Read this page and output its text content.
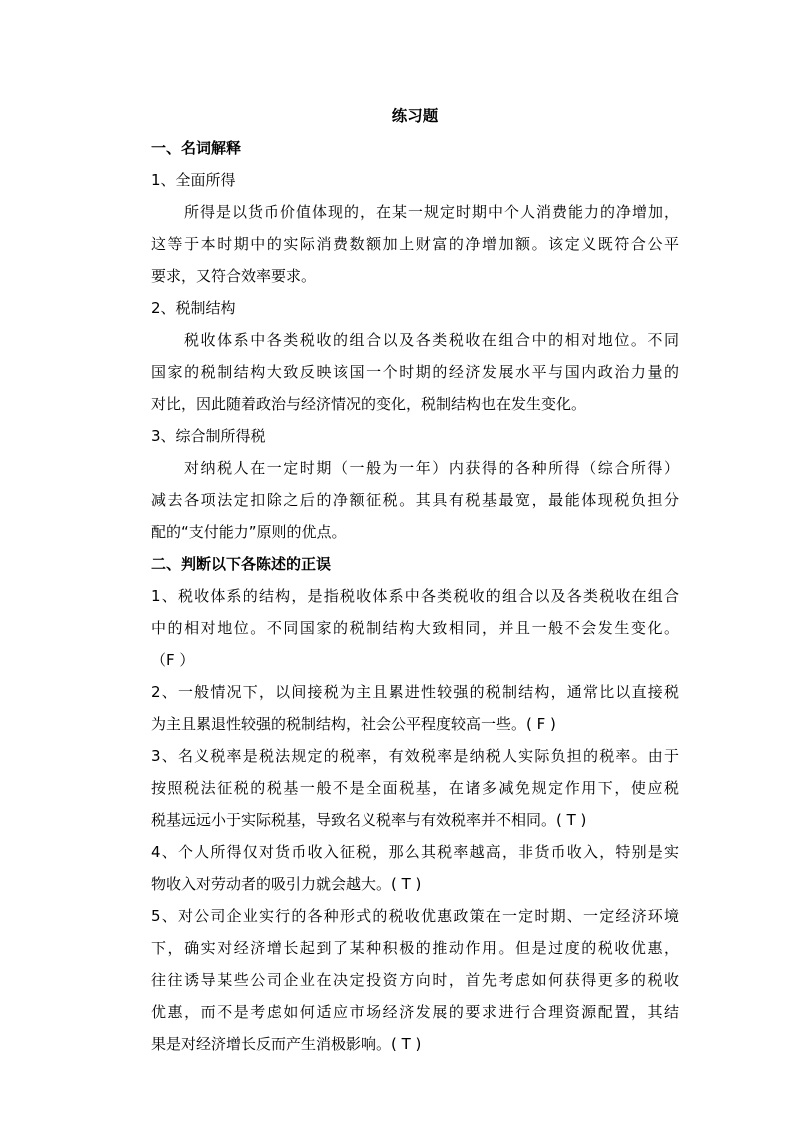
练习题
一、名词解释
1、全面所得
所得是以货币价值体现的，在某一规定时期中个人消费能力的净增加，
这等于本时期中的实际消费数额加上财富的净增加额。该定义既符合公平
要求，又符合效率要求。
2、税制结构
税收体系中各类税收的组合以及各类税收在组合中的相对地位。不同
国家的税制结构大致反映该国一个时期的经济发展水平与国内政治力量的
对比，因此随着政治与经济情况的变化，税制结构也在发生变化。
3、综合制所得税
对纳税人在一定时期（一般为一年）内获得的各种所得（综合所得）
减去各项法定扣除之后的净额征税。其具有税基最宽，最能体现税负担分
配的“支付能力”原则的优点。
二、判断以下各陈述的正误
1、税收体系的结构，是指税收体系中各类税收的组合以及各类税收在组合
中的相对地位。不同国家的税制结构大致相同，并且一般不会发生变化。
（F ）
2、一般情况下，以间接税为主且累进性较强的税制结构，通常比以直接税
为主且累退性较强的税制结构，社会公平程度较高一些。( F )
3、名义税率是税法规定的税率，有效税率是纳税人实际负担的税率。由于
按照税法征税的税基一般不是全面税基，在诸多减免规定作用下，使应税
税基远远小于实际税基，导致名义税率与有效税率并不相同。( T )
4、个人所得仅对货币收入征税，那么其税率越高，非货币收入，特别是实
物收入对劳动者的吸引力就会越大。( T )
5、对公司企业实行的各种形式的税收优惠政策在一定时期、一定经济环境
下，确实对经济增长起到了某种积极的推动作用。但是过度的税收优惠，
往往诱导某些公司企业在决定投资方向时，首先考虑如何获得更多的税收
优惠，而不是考虑如何适应市场经济发展的要求进行合理资源配置，其结
果是对经济增长反而产生消极影响。( T )
